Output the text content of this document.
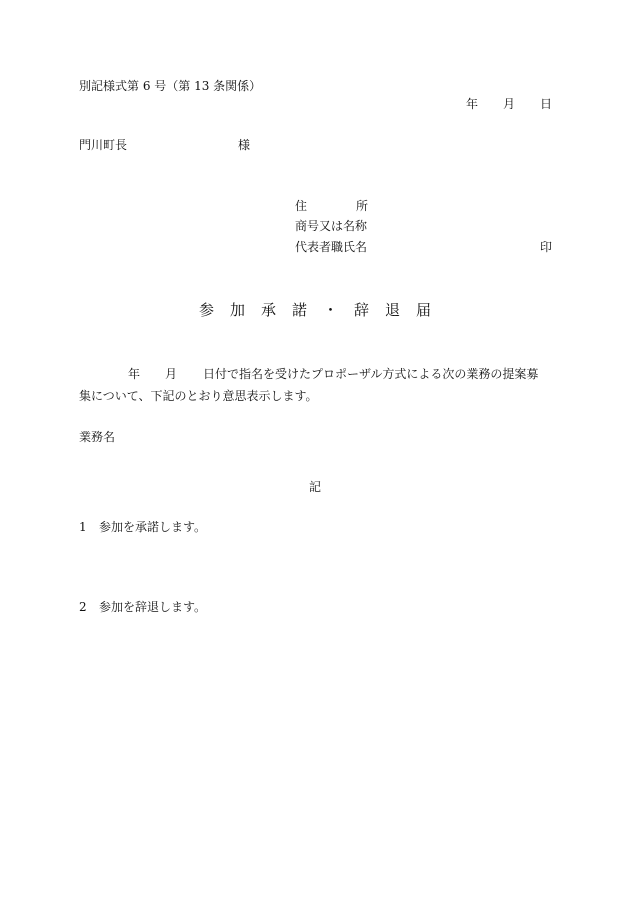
別記様式第 6 号（第 13 条関係）
年 月 日
門川町長	様
住	所
商号又は名称
代表者職氏名	印
参 加 承 諾 ・ 辞 退 届
年 月 日付で指名を受けたプロポーザル方式による次の業務の提案募
集について、下記のとおり意思表示します。
業務名
記
1 参加を承諾します。
2 参加を辞退します。
